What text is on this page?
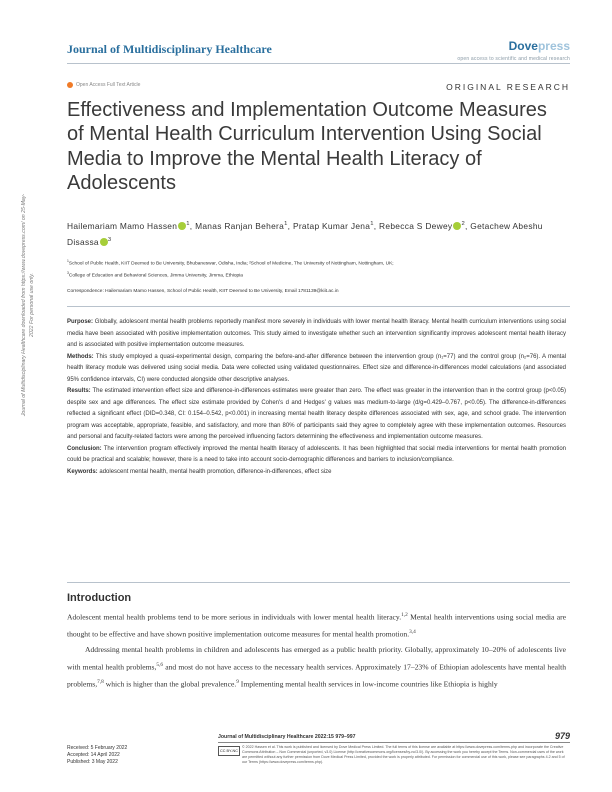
Journal of Multidisciplinary Healthcare	Dovepress
open access to scientific and medical research
Open Access Full Text Article	ORIGINAL RESEARCH
Effectiveness and Implementation Outcome Measures of Mental Health Curriculum Intervention Using Social Media to Improve the Mental Health Literacy of Adolescents
Hailemariam Mamo Hassen $^1$, Manas Ranjan Behera$^1$, Pratap Kumar Jena$^1$, Rebecca S Dewey $^2$, Getachew Abeshu Disassa $^3$
$^1$School of Public Health, KIIT Deemed to Be University, Bhubaneswar, Odisha, India; ²School of Medicine, The University of Nottingham, Nottingham, UK;
$^3$College of Education and Behavioral Sciences, Jimma University, Jimma, Ethiopia
Correspondence: Hailemariam Mamo Hassen, School of Public Health, KIIT Deemed to Be University, Email 1781139@kiit.ac.in
Purpose: Globally, adolescent mental health problems reportedly manifest more severely in individuals with lower mental health literacy. Mental health curriculum interventions using social media have been associated with positive implementation outcomes. This study aimed to investigate whether such an intervention significantly improves adolescent mental health literacy and is associated with positive implementation outcome measures.
Methods: This study employed a quasi-experimental design, comparing the before-and-after difference between the intervention group (n₁=77) and the control group (n₂=76). A mental health literacy module was delivered using social media. Data were collected using validated questionnaires. Effect size and difference-in-differences model calculations (and associated 95% confidence intervals, CI) were conducted alongside other descriptive analyses.
Results: The estimated intervention effect size and difference-in-differences estimates were greater than zero. The effect was greater in the intervention than in the control group (p<0.05) despite sex and age differences. The effect size estimate provided by Cohen's d and Hedges' g values was medium-to-large (d/g=0.429–0.767, p<0.05). The difference-in-differences reflected a significant effect (DID=0.348, CI: 0.154–0.542, p<0.001) in increasing mental health literacy despite differences associated with sex, age, and school grade. The intervention program was acceptable, appropriate, feasible, and satisfactory, and more than 80% of participants said they agree to completely agree with these implementation outcomes. Resources and personal and faculty-related factors were among the perceived influencing factors determining the effectiveness and implementation outcome measures.
Conclusion: The intervention program effectively improved the mental health literacy of adolescents. It has been highlighted that social media interventions for mental health promotion could be practical and scalable; however, there is a need to take into account socio-demographic differences and barriers to inclusion/compliance.
Keywords: adolescent mental health, mental health promotion, difference-in-differences, effect size
Journal of Multidisciplinary Healthcare downloaded from https://www.dovepress.com/ on 25-May-2022 For personal use only.
Introduction

Adolescent mental health problems tend to be more serious in individuals with lower mental health literacy.$^{1,2}$ Mental health interventions using social media are thought to be effective and have shown positive implementation outcome measures for mental health promotion.$^{3,4}$

Addressing mental health problems in children and adolescents has emerged as a public health priority. Globally, approximately 10–20% of adolescents live with mental health problems,$^{5,6}$ and most do not have access to the necessary health services. Approximately 17–23% of Ethiopian adolescents have mental health problems,$^{7,8}$ which is higher than the global prevalence.$^9$ Implementing mental health services in low-income countries like Ethiopia is highly

Received: 5 February 2022
Accepted: 14 April 2022
Published: 3 May 2022
Journal of Multidisciplinary Healthcare 2022:15 979–997	979
CC BY-NC
© 2022 Hassen et al. This work is published and licensed by Dove Medical Press Limited. The full terms of this license are available at https://www.dovepress.com/terms.php and incorporate the Creative Commons Attribution – Non Commercial (unported, v3.0) License (http://creativecommons.org/licenses/by-nc/3.0/). By accessing the work you hereby accept the Terms. Non-commercial uses of the work are permitted without any further permission from Dove Medical Press Limited, provided the work is properly attributed. For permission for commercial use of this work, please see paragraphs 4.2 and 5 of our Terms (https://www.dovepress.com/terms.php).
